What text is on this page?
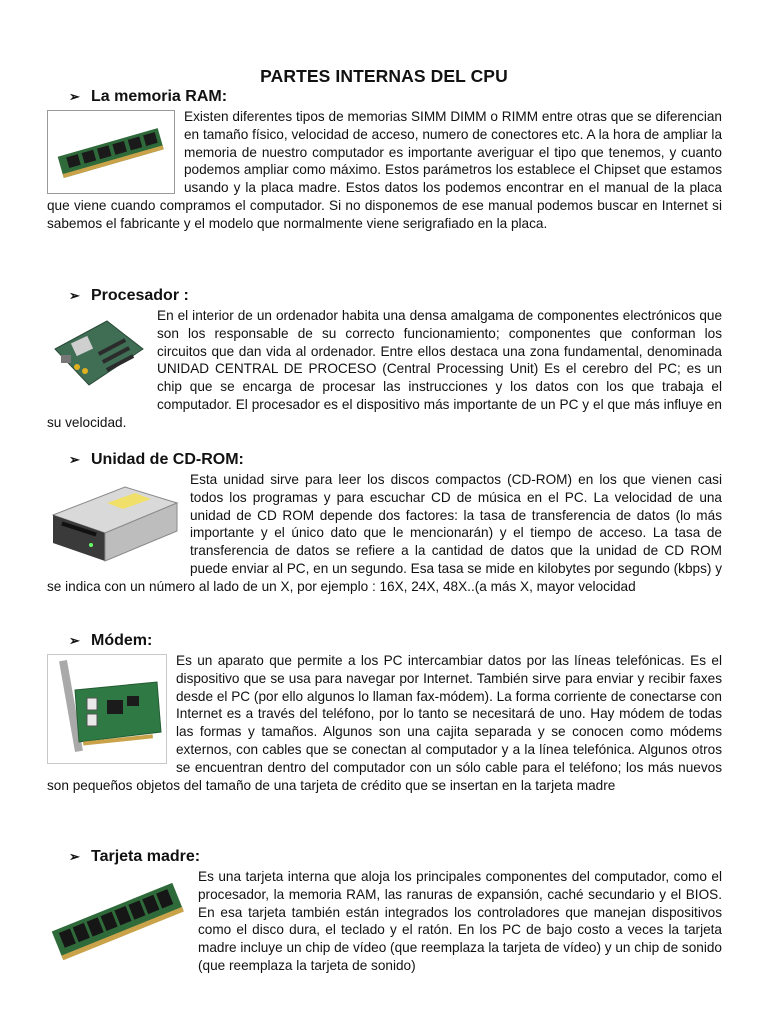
PARTES INTERNAS DEL CPU
➢ La memoria RAM:
Existen diferentes tipos de memorias SIMM DIMM o RIMM entre otras que se diferencian en tamaño físico, velocidad de acceso, numero de conectores etc. A la hora de ampliar la memoria de nuestro computador es importante averiguar el tipo que tenemos, y cuanto podemos ampliar como máximo. Estos parámetros los establece el Chipset que estamos usando y la placa madre. Estos datos los podemos encontrar en el manual de la placa que viene cuando compramos el computador. Si no disponemos de ese manual podemos buscar en Internet si sabemos el fabricante y el modelo que normalmente viene serigrafiado en la placa.
➢ Procesador :
En el interior de un ordenador habita una densa amalgama de componentes electrónicos que son los responsable de su correcto funcionamiento; componentes que conforman los circuitos que dan vida al ordenador. Entre ellos destaca una zona fundamental, denominada UNIDAD CENTRAL DE PROCESO (Central Processing Unit) Es el cerebro del PC; es un chip que se encarga de procesar las instrucciones y los datos con los que trabaja el computador. El procesador es el dispositivo más importante de un PC y el que más influye en su velocidad.
➢ Unidad de CD-ROM:
Esta unidad sirve para leer los discos compactos (CD-ROM) en los que vienen casi todos los programas y para escuchar CD de música en el PC. La velocidad de una unidad de CD ROM depende dos factores: la tasa de transferencia de datos (lo más importante y el único dato que le mencionarán) y el tiempo de acceso. La tasa de transferencia de datos se refiere a la cantidad de datos que la unidad de CD ROM puede enviar al PC, en un segundo. Esa tasa se mide en kilobytes por segundo (kbps) y se indica con un número al lado de un X, por ejemplo : 16X, 24X, 48X..(a más X, mayor velocidad
➢ Módem:
Es un aparato que permite a los PC intercambiar datos por las líneas telefónicas. Es el dispositivo que se usa para navegar por Internet. También sirve para enviar y recibir faxes desde el PC (por ello algunos lo llaman fax-módem). La forma corriente de conectarse con Internet es a través del teléfono, por lo tanto se necesitará de uno. Hay módem de todas las formas y tamaños. Algunos son una cajita separada y se conocen como módems externos, con cables que se conectan al computador y a la línea telefónica. Algunos otros se encuentran dentro del computador con un sólo cable para el teléfono; los más nuevos son pequeños objetos del tamaño de una tarjeta de crédito que se insertan en la tarjeta madre
➢ Tarjeta madre:
Es una tarjeta interna que aloja los principales componentes del computador, como el procesador, la memoria RAM, las ranuras de expansión, caché secundario y el BIOS. En esa tarjeta también están integrados los controladores que manejan dispositivos como el disco dura, el teclado y el ratón. En los PC de bajo costo a veces la tarjeta madre incluye un chip de vídeo (que reemplaza la tarjeta de vídeo) y un chip de sonido (que reemplaza la tarjeta de sonido)
